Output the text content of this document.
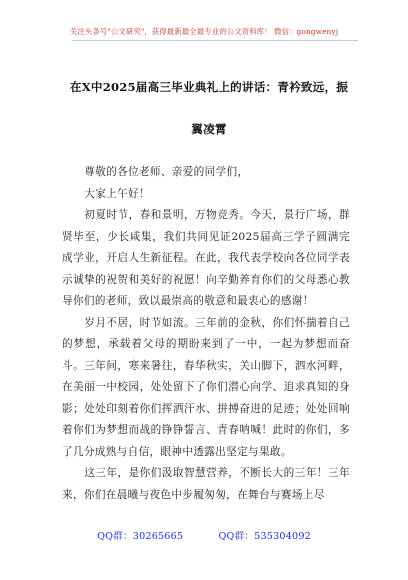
关注头条号"公文研究"，获得最新最全最专业的公文资料库！ 微信：gongwenyj
在X中2025届高三毕业典礼上的讲话：青衿致远，振翼凌霄

尊敬的各位老师、亲爱的同学们，

大家上午好！

初夏时节，春和景明，万物竞秀。今天，景行广场，群贤毕至，少长咸集，我们共同见证2025届高三学子圆满完成学业，开启人生新征程。在此，我代表学校向各位同学表示诚挚的祝贺和美好的祝愿！向辛勤养育你们的父母悉心教导你们的老师，致以最崇高的敬意和最衷心的感谢！

岁月不居，时节如流。三年前的金秋，你们怀揣着自己的梦想，承载着父母的期盼来到了一中，一起为梦想而奋斗。三年间，寒来暑往，春华秋实，关山脚下，泗水河畔，在美丽一中校园，处处留下了你们潜心向学、追求真知的身影；处处印刻着你们挥洒汗水、拼搏奋进的足迹；处处回响着你们为梦想而战的铮铮誓言、青春呐喊！此时的你们，多了几分成熟与自信，眼神中透露出坚定与果敢。

这三年，是你们汲取智慧营养，不断长大的三年！三年来，你们在晨曦与夜色中步履匆匆，在舞台与赛场上尽

QQ群：30265665	QQ群：535304092
